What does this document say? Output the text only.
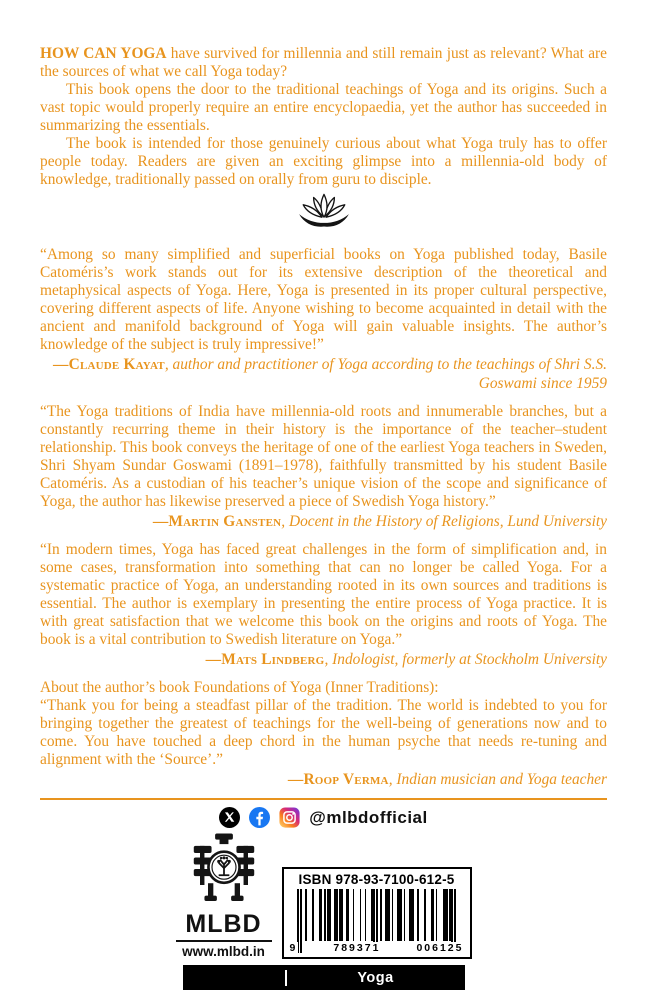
HOW CAN YOGA have survived for millennia and still remain just as relevant? What are the sources of what we call Yoga today?

This book opens the door to the traditional teachings of Yoga and its origins. Such a vast topic would properly require an entire encyclopaedia, yet the author has succeeded in summarizing the essentials.

The book is intended for those genuinely curious about what Yoga truly has to offer people today. Readers are given an exciting glimpse into a millennia-old body of knowledge, traditionally passed on orally from guru to disciple.

“Among so many simplified and superficial books on Yoga published today, Basile Catoméris’s work stands out for its extensive description of the theoretical and metaphysical aspects of Yoga. Here, Yoga is presented in its proper cultural perspective, covering different aspects of life. Anyone wishing to become acquainted in detail with the ancient and manifold background of Yoga will gain valuable insights. The author’s knowledge of the subject is truly impressive!”
—Claude Kayat, author and practitioner of Yoga according to the teachings of Shri S.S. Goswami since 1959
“The Yoga traditions of India have millennia-old roots and innumerable branches, but a constantly recurring theme in their history is the importance of the teacher–student relationship. This book conveys the heritage of one of the earliest Yoga teachers in Sweden, Shri Shyam Sundar Goswami (1891–1978), faithfully transmitted by his student Basile Catoméris. As a custodian of his teacher’s unique vision of the scope and significance of Yoga, the author has likewise preserved a piece of Swedish Yoga history.”
—Martin Gansten, Docent in the History of Religions, Lund University
“In modern times, Yoga has faced great challenges in the form of simplification and, in some cases, transformation into something that can no longer be called Yoga. For a systematic practice of Yoga, an understanding rooted in its own sources and traditions is essential. The author is exemplary in presenting the entire process of Yoga practice. It is with great satisfaction that we welcome this book on the origins and roots of Yoga. The book is a vital contribution to Swedish literature on Yoga.”
—Mats Lindberg, Indologist, formerly at Stockholm University
About the author’s book Foundations of Yoga (Inner Traditions):
“Thank you for being a steadfast pillar of the tradition. The world is indebted to you for bringing together the greatest of teachings for the well-being of generations now and to come. You have touched a deep chord in the human psyche that needs re-tuning and alignment with the ‘Source’.”
—Roop Verma, Indian musician and Yoga teacher
@mlbdofficial
MLBD
www.mlbd.in
ISBN 978-93-7100-612-5
9	789371	006125
Yoga
